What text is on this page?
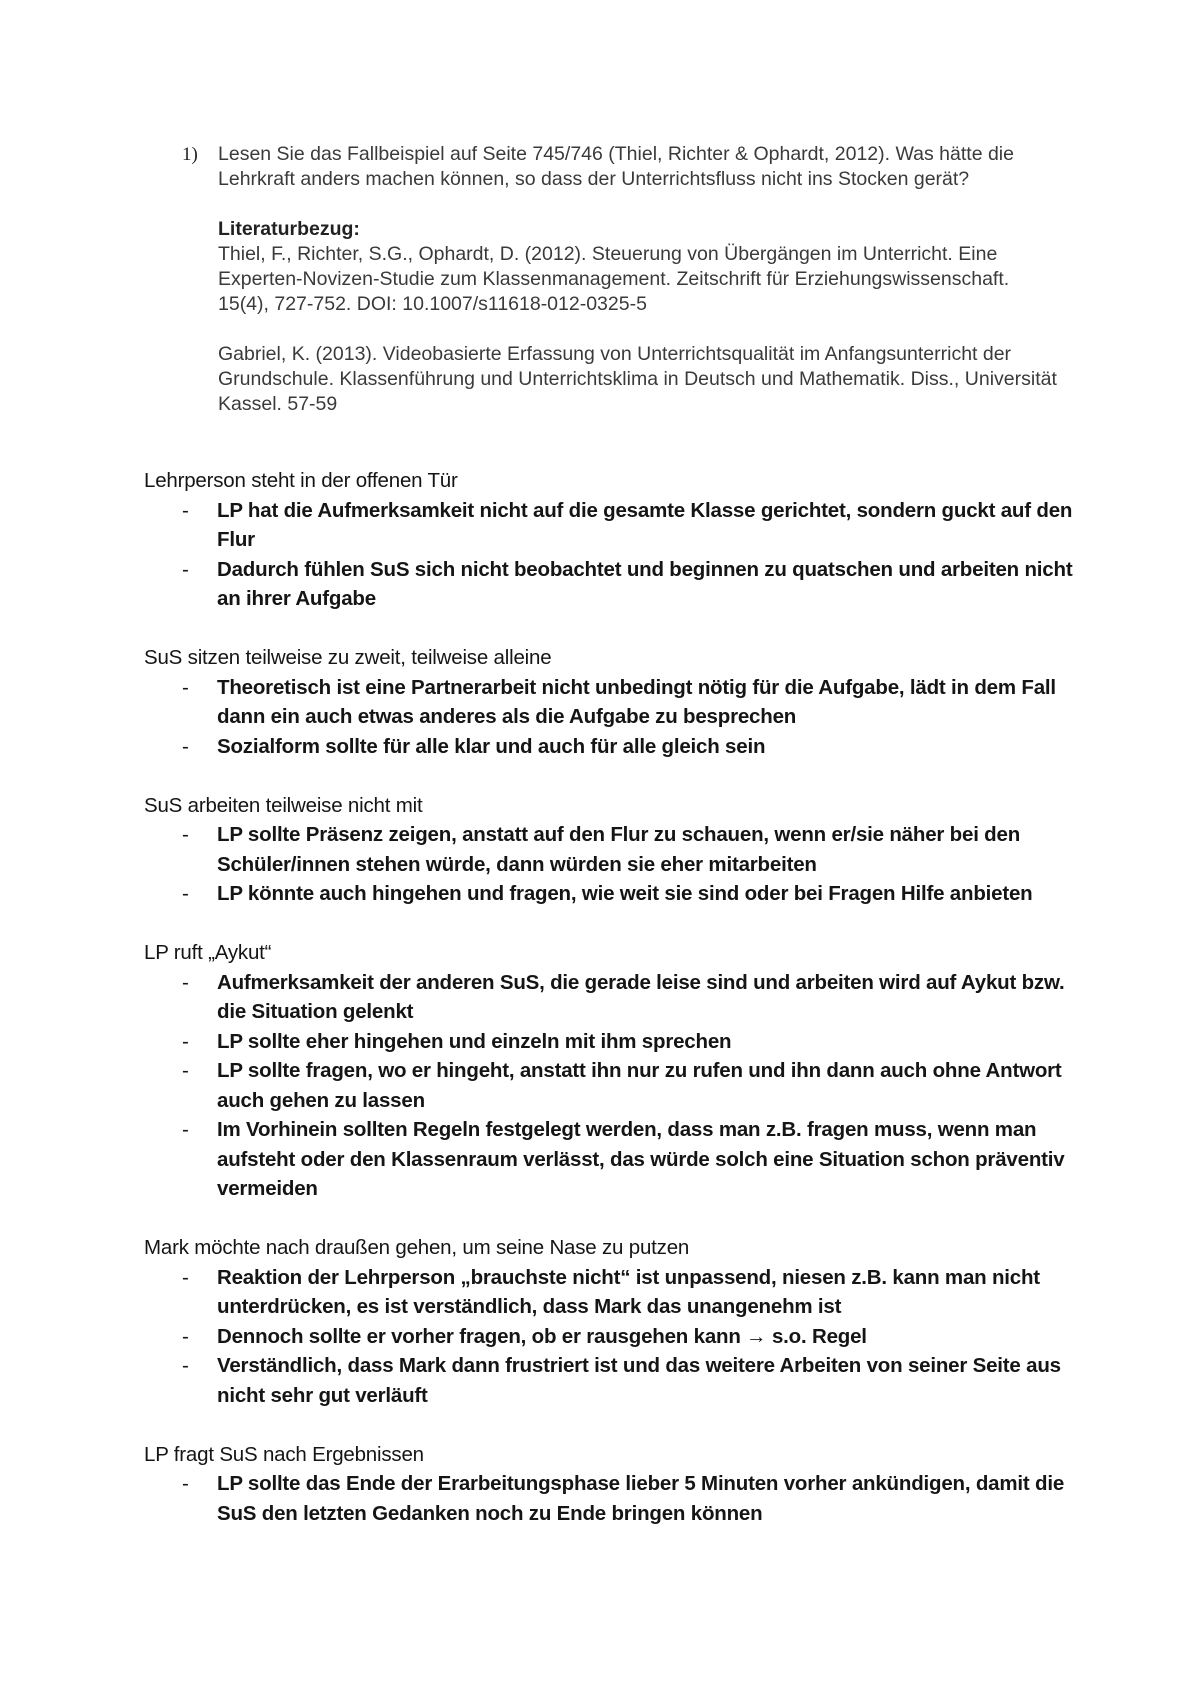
1) Lesen Sie das Fallbeispiel auf Seite 745/746 (Thiel, Richter & Ophardt, 2012). Was hätte die Lehrkraft anders machen können, so dass der Unterrichtsfluss nicht ins Stocken gerät?

Literaturbezug:

Thiel, F., Richter, S.G., Ophardt, D. (2012). Steuerung von Übergängen im Unterricht. Eine Experten-Novizen-Studie zum Klassenmanagement. Zeitschrift für Erziehungswissenschaft. 15(4), 727-752. DOI: 10.1007/s11618-012-0325-5

Gabriel, K. (2013). Videobasierte Erfassung von Unterrichtsqualität im Anfangsunterricht der Grundschule. Klassenführung und Unterrichtsklima in Deutsch und Mathematik. Diss., Universität Kassel. 57-59

Lehrperson steht in der offenen Tür
- LP hat die Aufmerksamkeit nicht auf die gesamte Klasse gerichtet, sondern guckt auf den Flur
- Dadurch fühlen SuS sich nicht beobachtet und beginnen zu quatschen und arbeiten nicht an ihrer Aufgabe
SuS sitzen teilweise zu zweit, teilweise alleine
- Theoretisch ist eine Partnerarbeit nicht unbedingt nötig für die Aufgabe, lädt in dem Fall dann ein auch etwas anderes als die Aufgabe zu besprechen
- Sozialform sollte für alle klar und auch für alle gleich sein
SuS arbeiten teilweise nicht mit
- LP sollte Präsenz zeigen, anstatt auf den Flur zu schauen, wenn er/sie näher bei den Schüler/innen stehen würde, dann würden sie eher mitarbeiten
- LP könnte auch hingehen und fragen, wie weit sie sind oder bei Fragen Hilfe anbieten
LP ruft „Aykut“
- Aufmerksamkeit der anderen SuS, die gerade leise sind und arbeiten wird auf Aykut bzw. die Situation gelenkt
- LP sollte eher hingehen und einzeln mit ihm sprechen
- LP sollte fragen, wo er hingeht, anstatt ihn nur zu rufen und ihn dann auch ohne Antwort auch gehen zu lassen
- Im Vorhinein sollten Regeln festgelegt werden, dass man z.B. fragen muss, wenn man aufsteht oder den Klassenraum verlässt, das würde solch eine Situation schon präventiv vermeiden
Mark möchte nach draußen gehen, um seine Nase zu putzen
- Reaktion der Lehrperson „brauchste nicht“ ist unpassend, niesen z.B. kann man nicht unterdrücken, es ist verständlich, dass Mark das unangenehm ist
- Dennoch sollte er vorher fragen, ob er rausgehen kann → s.o. Regel
- Verständlich, dass Mark dann frustriert ist und das weitere Arbeiten von seiner Seite aus nicht sehr gut verläuft
LP fragt SuS nach Ergebnissen
- LP sollte das Ende der Erarbeitungsphase lieber 5 Minuten vorher ankündigen, damit die SuS den letzten Gedanken noch zu Ende bringen können
